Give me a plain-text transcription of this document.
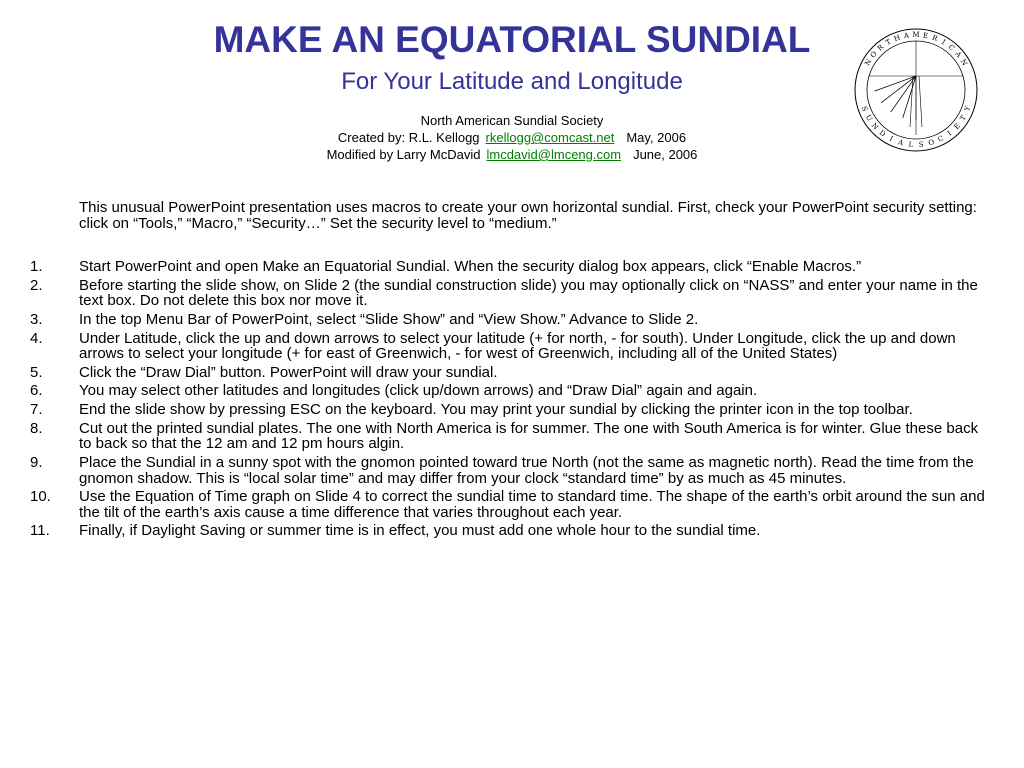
MAKE AN EQUATORIAL SUNDIAL
For Your Latitude and Longitude
North American Sundial Society
Created by: R.L. Kellogg rkellogg@comcast.net May, 2006
Modified by Larry McDavid lmcdavid@lmceng.com June, 2006
N
O
R
T H A M E R I
C
A
N
S
U
N
D
I A L S O C
I
E
T
Y
This unusual PowerPoint presentation uses macros to create your own horizontal sundial. First, check your PowerPoint security setting: click on “Tools,” “Macro,” “Security…” Set the security level to “medium.”
1.	Start PowerPoint and open Make an Equatorial Sundial. When the security dialog box appears, click “Enable Macros.”
2.	Before starting the slide show, on Slide 2 (the sundial construction slide) you may optionally click on “NASS” and enter your name in the text box. Do not delete this box nor move it.
3.	In the top Menu Bar of PowerPoint, select “Slide Show” and “View Show.” Advance to Slide 2.
4.	Under Latitude, click the up and down arrows to select your latitude (+ for north, - for south). Under Longitude, click the up and down arrows to select your longitude (+ for east of Greenwich, - for west of Greenwich, including all of the United States)
5.	Click the “Draw Dial” button. PowerPoint will draw your sundial.
6.	You may select other latitudes and longitudes (click up/down arrows) and “Draw Dial” again and again.
7.	End the slide show by pressing ESC on the keyboard. You may print your sundial by clicking the printer icon in the top toolbar.
8.	Cut out the printed sundial plates. The one with North America is for summer. The one with South America is for winter. Glue these back to back so that the 12 am and 12 pm hours algin.
9.	Place the Sundial in a sunny spot with the gnomon pointed toward true North (not the same as magnetic north). Read the time from the gnomon shadow. This is “local solar time” and may differ from your clock “standard time” by as much as 45 minutes.
10.	Use the Equation of Time graph on Slide 4 to correct the sundial time to standard time. The shape of the earth’s orbit around the sun and the tilt of the earth’s axis cause a time difference that varies throughout each year.
11.	Finally, if Daylight Saving or summer time is in effect, you must add one whole hour to the sundial time.
